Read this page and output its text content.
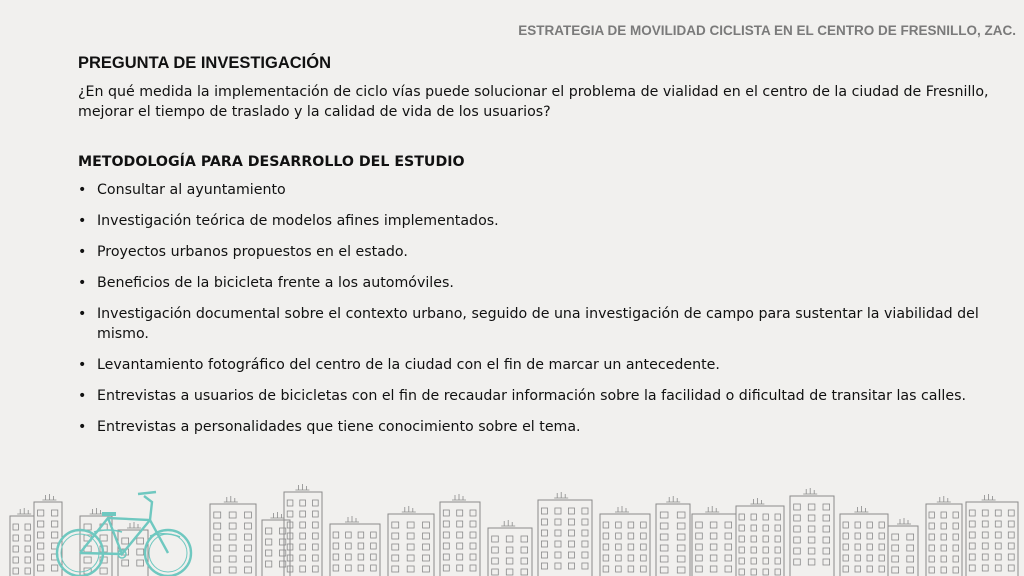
ESTRATEGIA DE MOVILIDAD CICLISTA EN EL CENTRO DE FRESNILLO, ZAC.
PREGUNTA DE INVESTIGACIÓN

¿En qué medida la implementación de ciclo vías puede solucionar el problema de vialidad en el centro de la ciudad de Fresnillo, mejorar el tiempo de traslado y la calidad de vida de los usuarios?

METODOLOGÍA PARA DESARROLLO DEL ESTUDIO
• Consultar al ayuntamiento
• Investigación teórica de modelos afines implementados.
• Proyectos urbanos propuestos en el estado.
• Beneficios de la bicicleta frente a los automóviles.
• Investigación documental sobre el contexto urbano, seguido de una investigación de campo para sustentar la viabilidad del mismo.
• Levantamiento fotográfico del centro de la ciudad con el fin de marcar un antecedente.
• Entrevistas a usuarios de bicicletas con el fin de recaudar información sobre la facilidad o dificultad de transitar las calles.
• Entrevistas a personalidades que tiene conocimiento sobre el tema.
